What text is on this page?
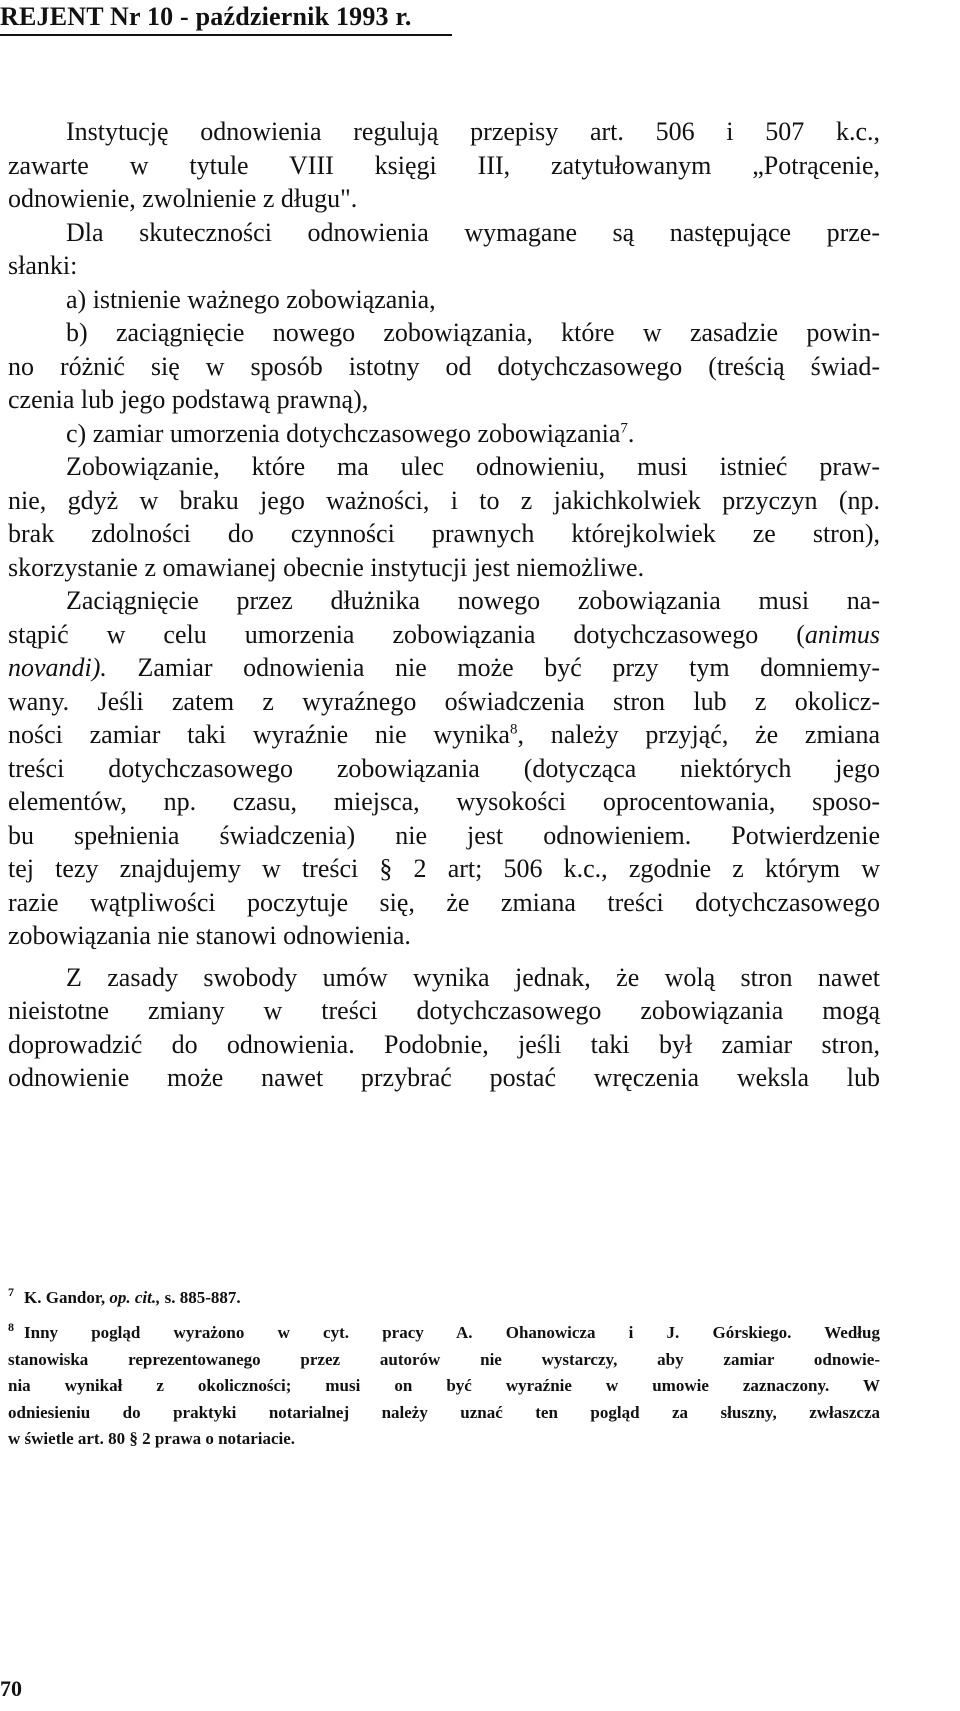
REJENT Nr 10 - październik 1993 r.
Instytucję odnowienia regulują przepisy art. 506 i 507 k.c.,
zawarte w tytule VIII księgi III, zatytułowanym „Potrącenie,
odnowienie, zwolnienie z długu".
Dla skuteczności odnowienia wymagane są następujące prze-
słanki:
a) istnienie ważnego zobowiązania,
b) zaciągnięcie nowego zobowiązania, które w zasadzie powin-
no różnić się w sposób istotny od dotychczasowego (treścią świad-
czenia lub jego podstawą prawną),
c) zamiar umorzenia dotychczasowego zobowiązania$^7$.
Zobowiązanie, które ma ulec odnowieniu, musi istnieć praw-
nie, gdyż w braku jego ważności, i to z jakichkolwiek przyczyn (np.
brak zdolności do czynności prawnych którejkolwiek ze stron),
skorzystanie z omawianej obecnie instytucji jest niemożliwe.
Zaciągnięcie przez dłużnika nowego zobowiązania musi na-
stąpić w celu umorzenia zobowiązania dotychczasowego (animus
novandi). Zamiar odnowienia nie może być przy tym domniemy-
wany. Jeśli zatem z wyraźnego oświadczenia stron lub z okolicz-
ności zamiar taki wyraźnie nie wynika$^8$, należy przyjąć, że zmiana
treści dotychczasowego zobowiązania (dotycząca niektórych jego
elementów, np. czasu, miejsca, wysokości oprocentowania, sposo-
bu spełnienia świadczenia) nie jest odnowieniem. Potwierdzenie
tej tezy znajdujemy w treści § 2 art; 506 k.c., zgodnie z którym w
razie wątpliwości poczytuje się, że zmiana treści dotychczasowego
zobowiązania nie stanowi odnowienia.
Z zasady swobody umów wynika jednak, że wolą stron nawet
nieistotne zmiany w treści dotychczasowego zobowiązania mogą
doprowadzić do odnowienia. Podobnie, jeśli taki był zamiar stron,
odnowienie może nawet przybrać postać wręczenia weksla lub
$^7$ K. Gandor, op. cit., s. 885-887.
$^8$ Inny pogląd wyrażono w cyt. pracy A. Ohanowicza i J. Górskiego. Według
stanowiska reprezentowanego przez autorów nie wystarczy, aby zamiar odnowie-
nia wynikał z okoliczności; musi on być wyraźnie w umowie zaznaczony. W
odniesieniu do praktyki notarialnej należy uznać ten pogląd za słuszny, zwłaszcza
w świetle art. 80 § 2 prawa o notariacie.
70
